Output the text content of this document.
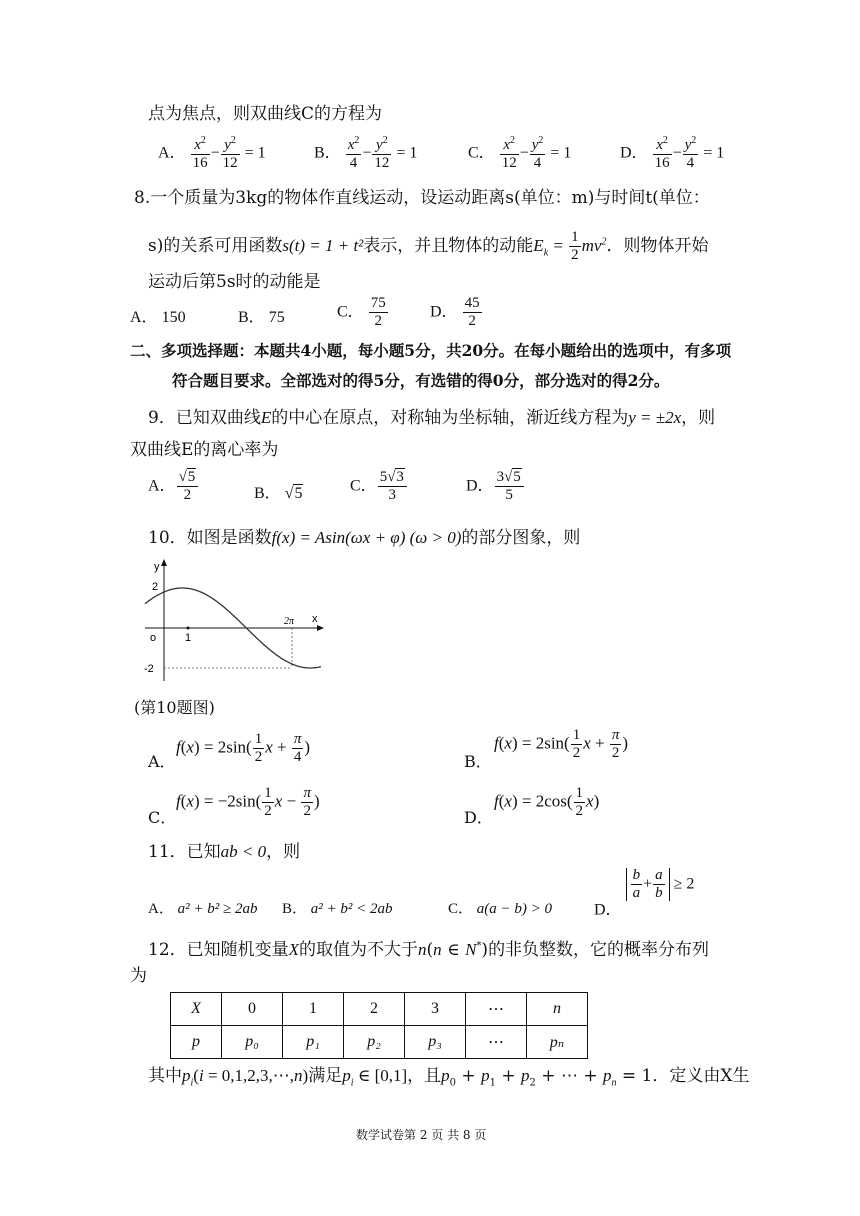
点为焦点，则双曲线C的方程为
A． $\frac{x^2}{16} - \frac{y^2}{12} = 1$	B． $\frac{x^2}{4} - \frac{y^2}{12} = 1$	C． $\frac{x^2}{12} - \frac{y^2}{4} = 1$	D． $\frac{x^2}{16} - \frac{y^2}{4} = 1$
8.一个质量为3kg的物体作直线运动，设运动距离s(单位：m)与时间t(单位：
s)的关系可用函数s(t) = 1 + t²表示，并且物体的动能$E_k = \frac{1}{2} mv^2$．则物体开始
运动后第5s时的动能是
A． 150	B． 75	C． $\frac{75}{2}$	D． $\frac{45}{2}$
二、多项选择题：本题共4小题，每小题5分，共20分。在每小题给出的选项中，有多项
符合题目要求。全部选对的得5分，有选错的得0分，部分选对的得2分。
9．已知双曲线E的中心在原点，对称轴为坐标轴，渐近线方程为y = ±2x，则
双曲线E的离心率为
A． $\frac{√5}{2}$	B． √5	C． $\frac{5√3}{3}$	D． $\frac{3√5}{5}$
10．如图是函数f(x) = Asin(ωx + φ) (ω > 0)的部分图象，则
y
x
o	1
2
-2
2π
(第10题图)
A．
$f(x) = 2\sin( \frac{1}{2}$ $x + \frac{\pi}{4}$ )
B．
$f(x) = 2\sin( \frac{1}{2}$ $x + \frac{\pi}{2}$ )
C．
$f(x) = -2\sin( \frac{1}{2}$ $x - \frac{\pi}{2}$ )
D．
$f(x) = 2\cos( \frac{1}{2} x)$
11．已知ab < 0，则
A． a² + b² ≥ 2ab B． a² + b² < 2ab	C． a(a − b) > 0	D．
$\frac{b}{a} + \frac{a}{b} \ge 2$
12．已知随机变量X的取值为不大于n(n ∈ N*)的非负整数，它的概率分布列
为
X	0	1	2	3	⋯	n
p	p₀	p₁	p₂	p₃	⋯	pₙ
其中$p_i(i$ = 0,1,2,3,⋯,n)满足$p_i$ ∈ [0,1]，且$p_0 + p_1 + p_2$ + ⋯ + $p_n = 1$．定义由X生
数学试卷第 2 页 共 8 页
